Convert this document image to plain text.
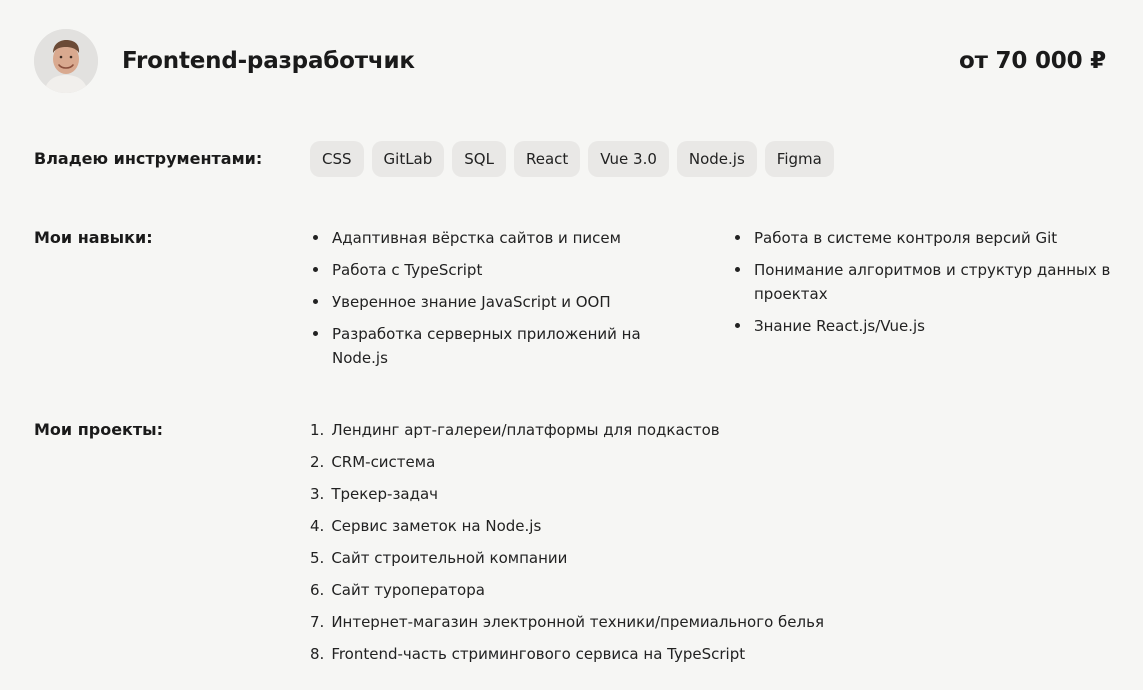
Frontend-разработчик	от 70 000 ₽
Владею инструментами:	CSS	GitLab	SQL	React	Vue 3.0	Node.js	Figma
Мои навыки:	Адаптивная вёрстка сайтов и писем
Работа с TypeScript
Уверенное знание JavaScript и ООП
Разработка серверных приложений на Node.js
Работа в системе контроля версий Git
Понимание алгоритмов и структур данных в проектах
Знание React.js/Vue.js
Мои проекты:	1. Лендинг арт-галереи/платформы для подкастов
2. CRM-система
3. Трекер-задач
4. Сервис заметок на Node.js
5. Сайт строительной компании
6. Сайт туроператора
7. Интернет-магазин электронной техники/премиального белья
8. Frontend-часть стримингового сервиса на TypeScript
